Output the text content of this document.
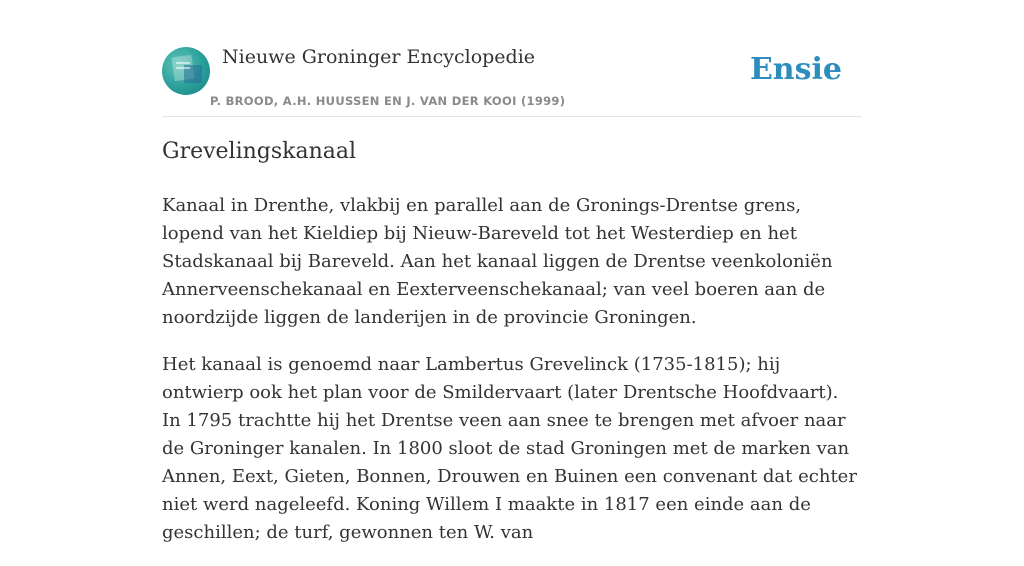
Nieuwe Groninger Encyclopedie
P. BROOD, A.H. HUUSSEN EN J. VAN DER KOOI (1999)
Ensie
Grevelingskanaal

Kanaal in Drenthe, vlakbij en parallel aan de Gronings-Drentse grens, lopend van het Kieldiep bij Nieuw-Bareveld tot het Westerdiep en het Stadskanaal bij Bareveld. Aan het kanaal liggen de Drentse veenkoloniën Annerveenschekanaal en Eexterveenschekanaal; van veel boeren aan de noordzijde liggen de landerijen in de provincie Groningen.

Het kanaal is genoemd naar Lambertus Grevelinck (1735-1815); hij ontwierp ook het plan voor de Smildervaart (later Drentsche Hoofdvaart). In 1795 trachtte hij het Drentse veen aan snee te brengen met afvoer naar de Groninger kanalen. In 1800 sloot de stad Groningen met de marken van Annen, Eext, Gieten, Bonnen, Drouwen en Buinen een convenant dat echter niet werd nageleefd. Koning Willem I maakte in 1817 een einde aan de geschillen; de turf, gewonnen ten W. van
